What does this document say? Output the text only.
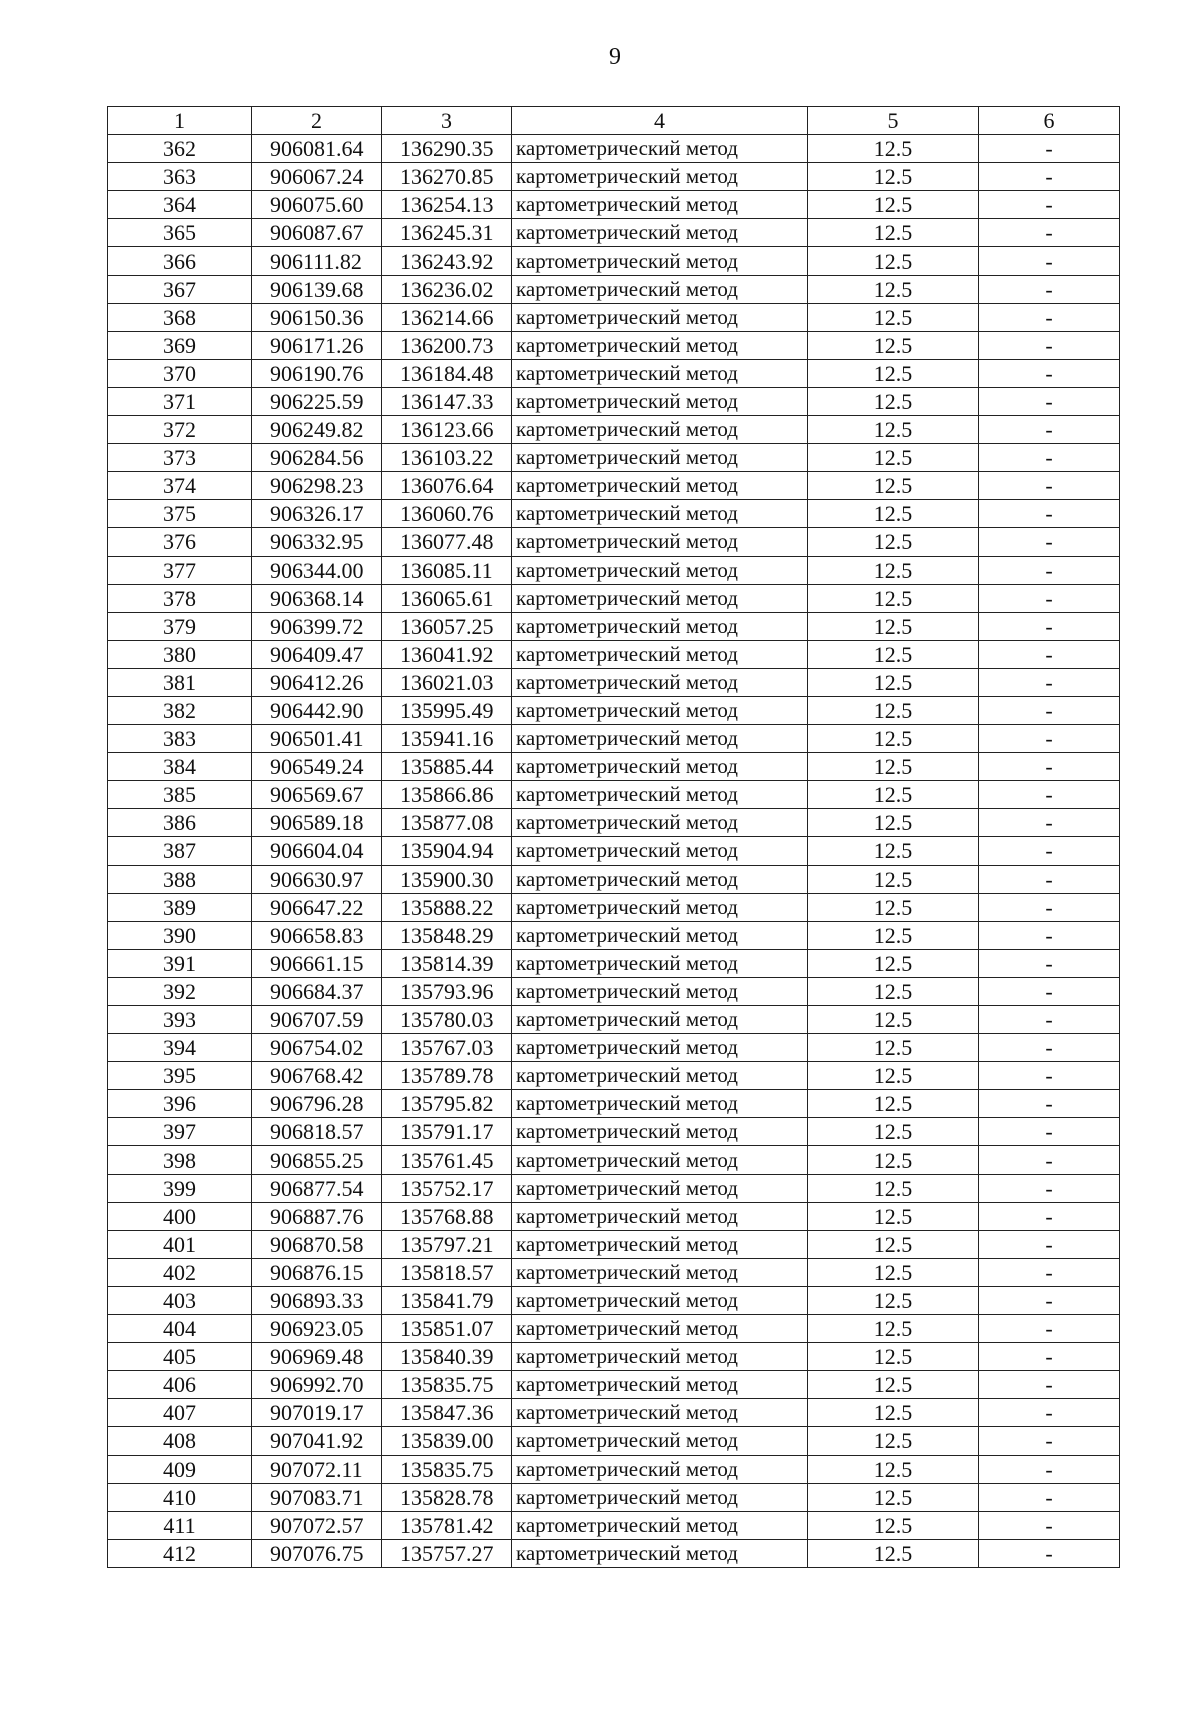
9
1	2	3	4	5	6
362	906081.64	136290.35	картометрический метод	12.5	-
363	906067.24	136270.85	картометрический метод	12.5	-
364	906075.60	136254.13	картометрический метод	12.5	-
365	906087.67	136245.31	картометрический метод	12.5	-
366	906111.82	136243.92	картометрический метод	12.5	-
367	906139.68	136236.02	картометрический метод	12.5	-
368	906150.36	136214.66	картометрический метод	12.5	-
369	906171.26	136200.73	картометрический метод	12.5	-
370	906190.76	136184.48	картометрический метод	12.5	-
371	906225.59	136147.33	картометрический метод	12.5	-
372	906249.82	136123.66	картометрический метод	12.5	-
373	906284.56	136103.22	картометрический метод	12.5	-
374	906298.23	136076.64	картометрический метод	12.5	-
375	906326.17	136060.76	картометрический метод	12.5	-
376	906332.95	136077.48	картометрический метод	12.5	-
377	906344.00	136085.11	картометрический метод	12.5	-
378	906368.14	136065.61	картометрический метод	12.5	-
379	906399.72	136057.25	картометрический метод	12.5	-
380	906409.47	136041.92	картометрический метод	12.5	-
381	906412.26	136021.03	картометрический метод	12.5	-
382	906442.90	135995.49	картометрический метод	12.5	-
383	906501.41	135941.16	картометрический метод	12.5	-
384	906549.24	135885.44	картометрический метод	12.5	-
385	906569.67	135866.86	картометрический метод	12.5	-
386	906589.18	135877.08	картометрический метод	12.5	-
387	906604.04	135904.94	картометрический метод	12.5	-
388	906630.97	135900.30	картометрический метод	12.5	-
389	906647.22	135888.22	картометрический метод	12.5	-
390	906658.83	135848.29	картометрический метод	12.5	-
391	906661.15	135814.39	картометрический метод	12.5	-
392	906684.37	135793.96	картометрический метод	12.5	-
393	906707.59	135780.03	картометрический метод	12.5	-
394	906754.02	135767.03	картометрический метод	12.5	-
395	906768.42	135789.78	картометрический метод	12.5	-
396	906796.28	135795.82	картометрический метод	12.5	-
397	906818.57	135791.17	картометрический метод	12.5	-
398	906855.25	135761.45	картометрический метод	12.5	-
399	906877.54	135752.17	картометрический метод	12.5	-
400	906887.76	135768.88	картометрический метод	12.5	-
401	906870.58	135797.21	картометрический метод	12.5	-
402	906876.15	135818.57	картометрический метод	12.5	-
403	906893.33	135841.79	картометрический метод	12.5	-
404	906923.05	135851.07	картометрический метод	12.5	-
405	906969.48	135840.39	картометрический метод	12.5	-
406	906992.70	135835.75	картометрический метод	12.5	-
407	907019.17	135847.36	картометрический метод	12.5	-
408	907041.92	135839.00	картометрический метод	12.5	-
409	907072.11	135835.75	картометрический метод	12.5	-
410	907083.71	135828.78	картометрический метод	12.5	-
411	907072.57	135781.42	картометрический метод	12.5	-
412	907076.75	135757.27	картометрический метод	12.5	-
